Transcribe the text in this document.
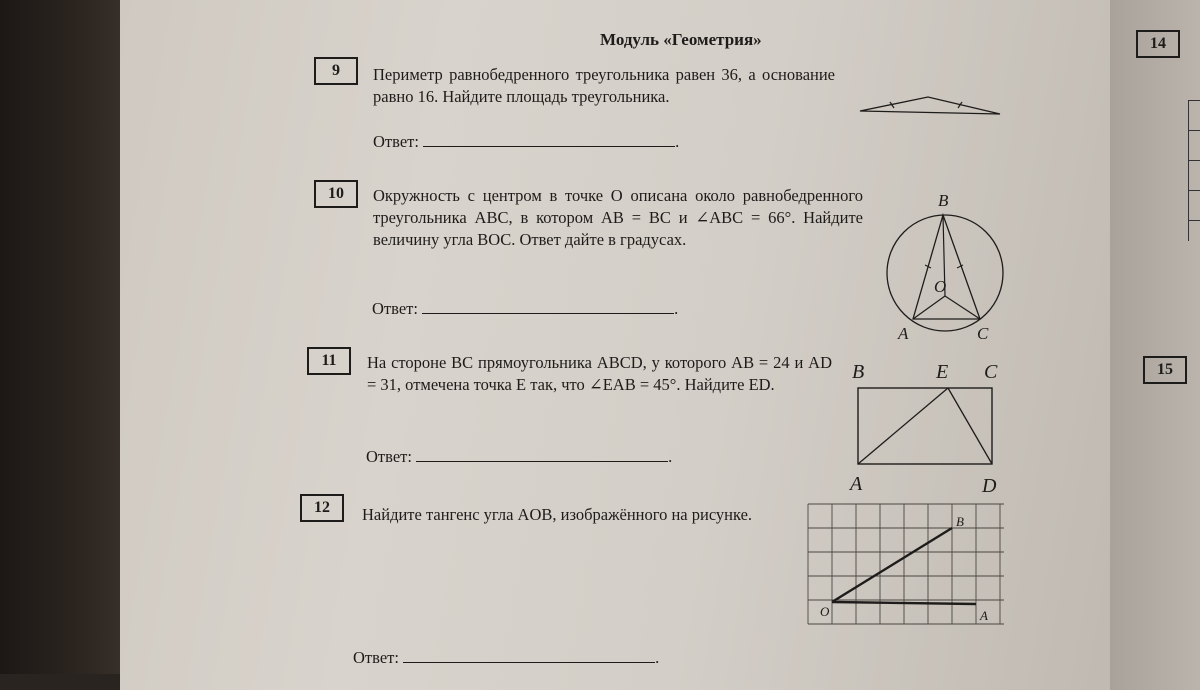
Модуль «Геометрия»	14
15
9	Периметр равнобедренного треугольника равен 36, а основание равно 16. Найдите площадь треугольника.
Ответ:	.
10	Окружность с центром в точке O описана около равнобедренного треугольника ABC, в котором AB = BC и ∠ABC = 66°. Найдите величину угла BOC. Ответ дайте в градусах.
Ответ:	.
B
O
A	C
11	На стороне BC прямоугольника ABCD, у которого AB = 24 и AD = 31, отмечена точка E так, что ∠EAB = 45°. Найдите ED.
Ответ:	.
B	E C
A	D
12	Найдите тангенс угла AOB, изображённого на рисунке.
Ответ:	.
O	A
B
